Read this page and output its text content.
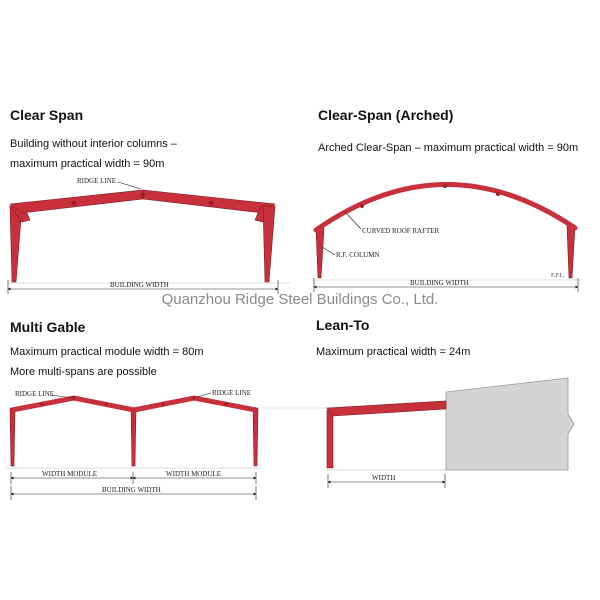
Clear Span

Building without interior columns –

maximum practical width = 90m

Clear-Span (Arched)

Arched Clear-Span – maximum practical width = 90m

Quanzhou Ridge Steel Buildings Co., Ltd.
Multi Gable

Maximum practical module width = 80m

More multi-spans are possible

Lean-To

Maximum practical width = 24m

RIDGE LINE
BUILDING WIDTH
CURVED ROOF RAFTER
R.F. COLUMN
F.F.L.
BUILDING WIDTH
RIDGE LINE	RIDGE LINE
WIDTH MODULE	WIDTH MODULE
BUILDING WIDTH
WIDTH
